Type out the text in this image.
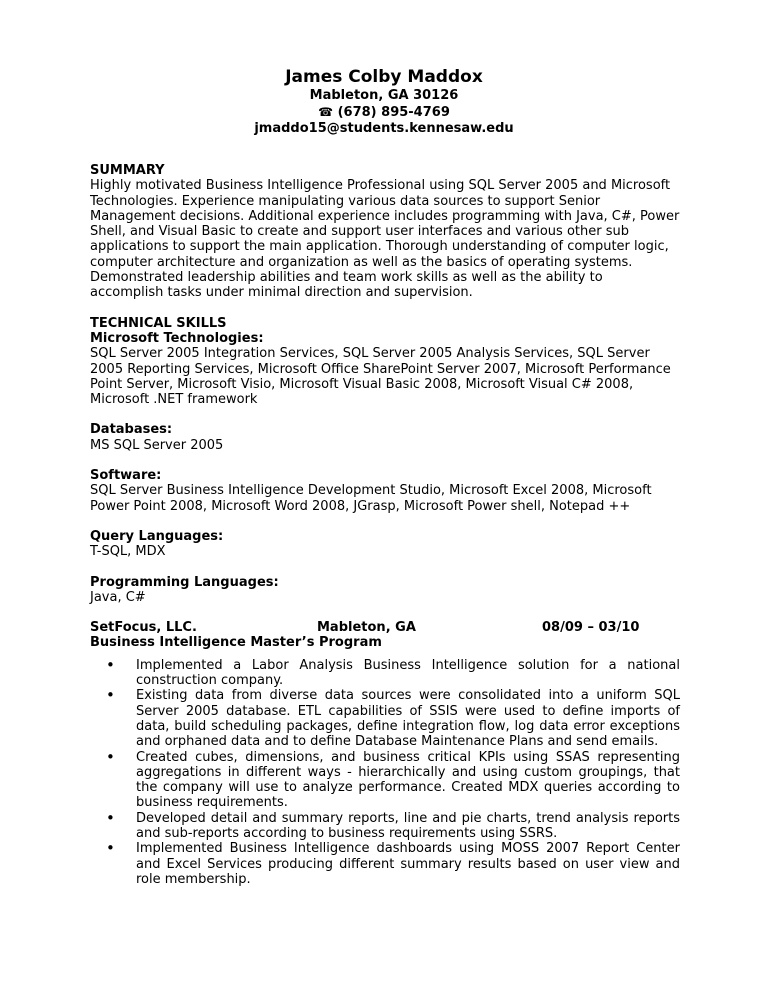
James Colby Maddox
Mableton, GA 30126
☎ (678) 895-4769
jmaddo15@students.kennesaw.edu
SUMMARY

Highly motivated Business Intelligence Professional using SQL Server 2005 and Microsoft Technologies. Experience manipulating various data sources to support Senior Management decisions. Additional experience includes programming with Java, C#, Power Shell, and Visual Basic to create and support user interfaces and various other sub applications to support the main application. Thorough understanding of computer logic, computer architecture and organization as well as the basics of operating systems. Demonstrated leadership abilities and team work skills as well as the ability to accomplish tasks under minimal direction and supervision.

TECHNICAL SKILLS
Microsoft Technologies:

SQL Server 2005 Integration Services, SQL Server 2005 Analysis Services, SQL Server 2005 Reporting Services, Microsoft Office SharePoint Server 2007, Microsoft Performance Point Server, Microsoft Visio, Microsoft Visual Basic 2008, Microsoft Visual C# 2008, Microsoft .NET framework

Databases:

MS SQL Server 2005

Software:

SQL Server Business Intelligence Development Studio, Microsoft Excel 2008, Microsoft Power Point 2008, Microsoft Word 2008, JGrasp, Microsoft Power shell, Notepad ++

Query Languages:

T-SQL, MDX

Programming Languages:

Java, C#

SetFocus, LLC.	Mableton, GA	08/09 – 03/10
Business Intelligence Master’s Program
• Implemented a Labor Analysis Business Intelligence solution for a national construction company.
• Existing data from diverse data sources were consolidated into a uniform SQL Server 2005 database. ETL capabilities of SSIS were used to define imports of data, build scheduling packages, define integration flow, log data error exceptions and orphaned data and to define Database Maintenance Plans and send emails.
• Created cubes, dimensions, and business critical KPIs using SSAS representing aggregations in different ways - hierarchically and using custom groupings, that the company will use to analyze performance. Created MDX queries according to business requirements.
• Developed detail and summary reports, line and pie charts, trend analysis reports and sub-reports according to business requirements using SSRS.
• Implemented Business Intelligence dashboards using MOSS 2007 Report Center and Excel Services producing different summary results based on user view and role membership.
